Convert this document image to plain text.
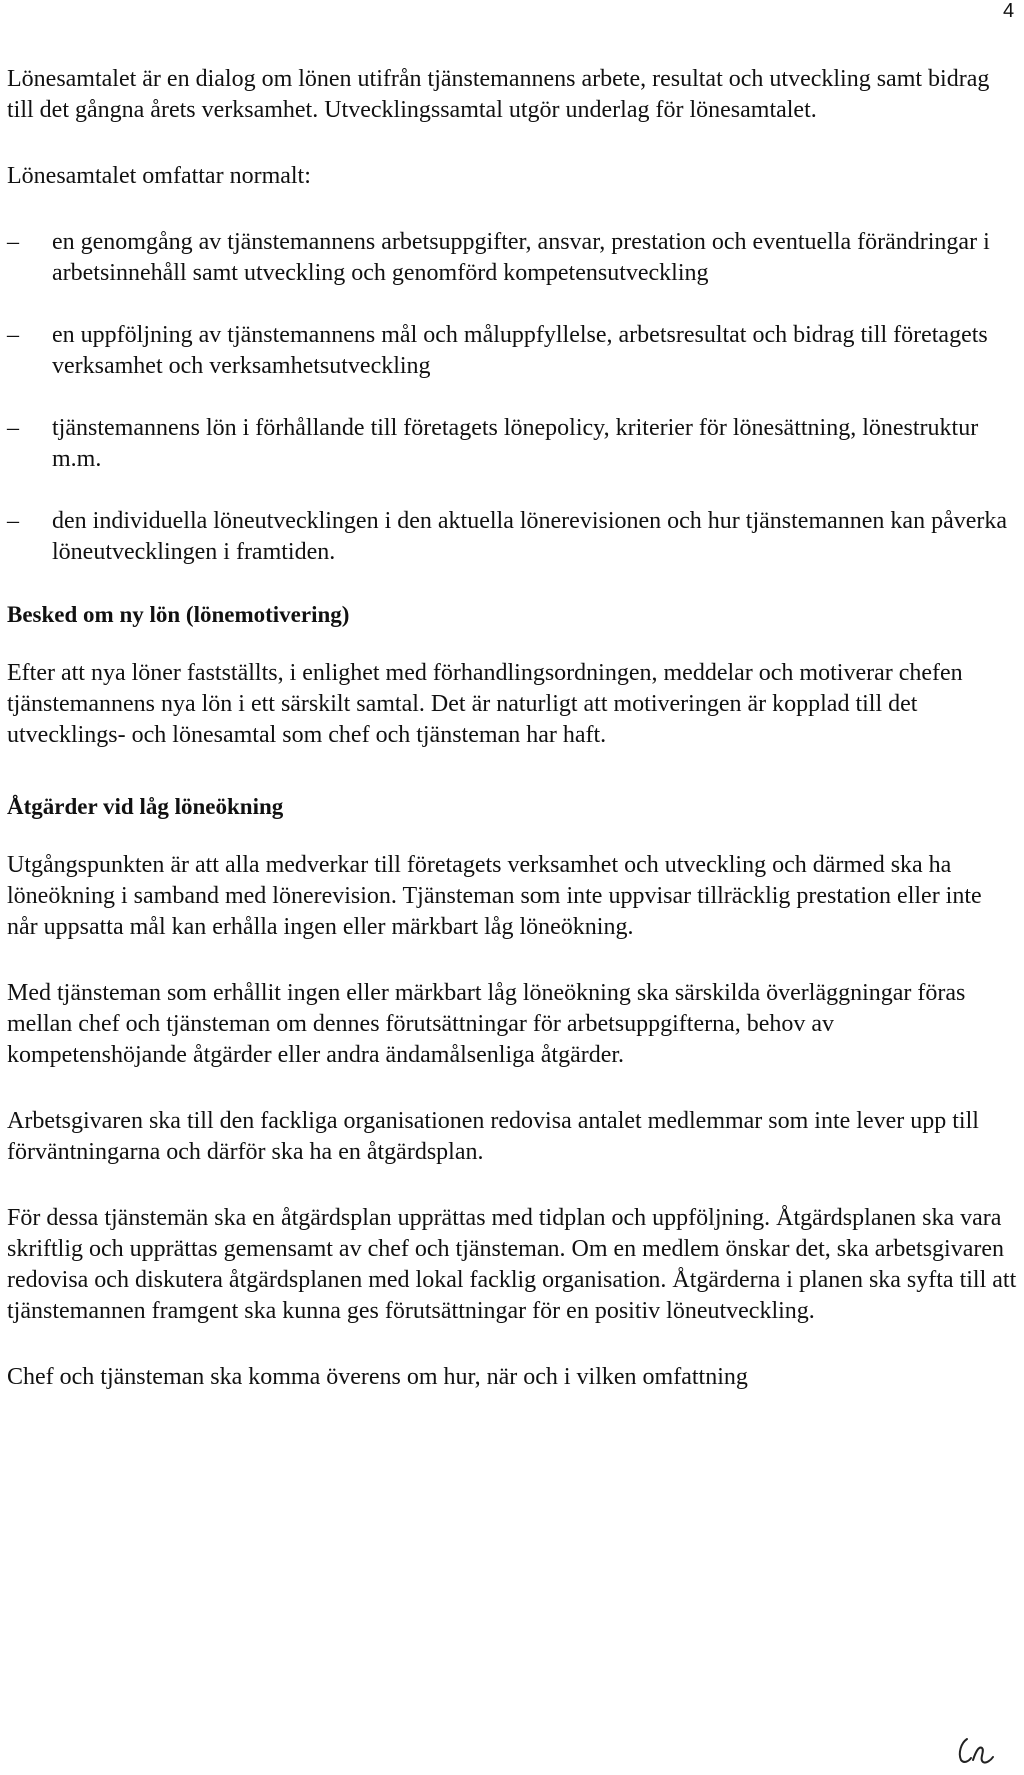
4

Lönesamtalet är en dialog om lönen utifrån tjänstemannens arbete, resultat och utveckling samt bidrag till det gångna årets verksamhet. Utvecklingssamtal utgör underlag för lönesamtalet.

Lönesamtalet omfattar normalt:

– en genomgång av tjänstemannens arbetsuppgifter, ansvar, prestation och eventuella förändringar i arbetsinnehåll samt utveckling och genomförd kompetensutveckling
– en uppföljning av tjänstemannens mål och måluppfyllelse, arbetsresultat och bidrag till företagets verksamhet och verksamhetsutveckling
– tjänstemannens lön i förhållande till företagets lönepolicy, kriterier för lönesättning, lönestruktur m.m.
– den individuella löneutvecklingen i den aktuella lönerevisionen och hur tjänstemannen kan påverka löneutvecklingen i framtiden.
Besked om ny lön (lönemotivering)

Efter att nya löner fastställts, i enlighet med förhandlingsordningen, meddelar och motiverar chefen tjänstemannens nya lön i ett särskilt samtal. Det är naturligt att motiveringen är kopplad till det utvecklings- och lönesamtal som chef och tjänsteman har haft.

Åtgärder vid låg löneökning

Utgångspunkten är att alla medverkar till företagets verksamhet och utveckling och därmed ska ha löneökning i samband med lönerevision. Tjänsteman som inte uppvisar tillräcklig prestation eller inte når uppsatta mål kan erhålla ingen eller märkbart låg löneökning.

Med tjänsteman som erhållit ingen eller märkbart låg löneökning ska särskilda överläggningar föras mellan chef och tjänsteman om dennes förutsättningar för arbetsuppgifterna, behov av kompetenshöjande åtgärder eller andra ändamålsenliga åtgärder.

Arbetsgivaren ska till den fackliga organisationen redovisa antalet medlemmar som inte lever upp till förväntningarna och därför ska ha en åtgärdsplan.

För dessa tjänstemän ska en åtgärdsplan upprättas med tidplan och uppföljning. Åtgärdsplanen ska vara skriftlig och upprättas gemensamt av chef och tjänsteman. Om en medlem önskar det, ska arbetsgivaren redovisa och diskutera åtgärdsplanen med lokal facklig organisation. Åtgärderna i planen ska syfta till att tjänstemannen framgent ska kunna ges förutsättningar för en positiv löneutveckling.

Chef och tjänsteman ska komma överens om hur, när och i vilken omfattning
